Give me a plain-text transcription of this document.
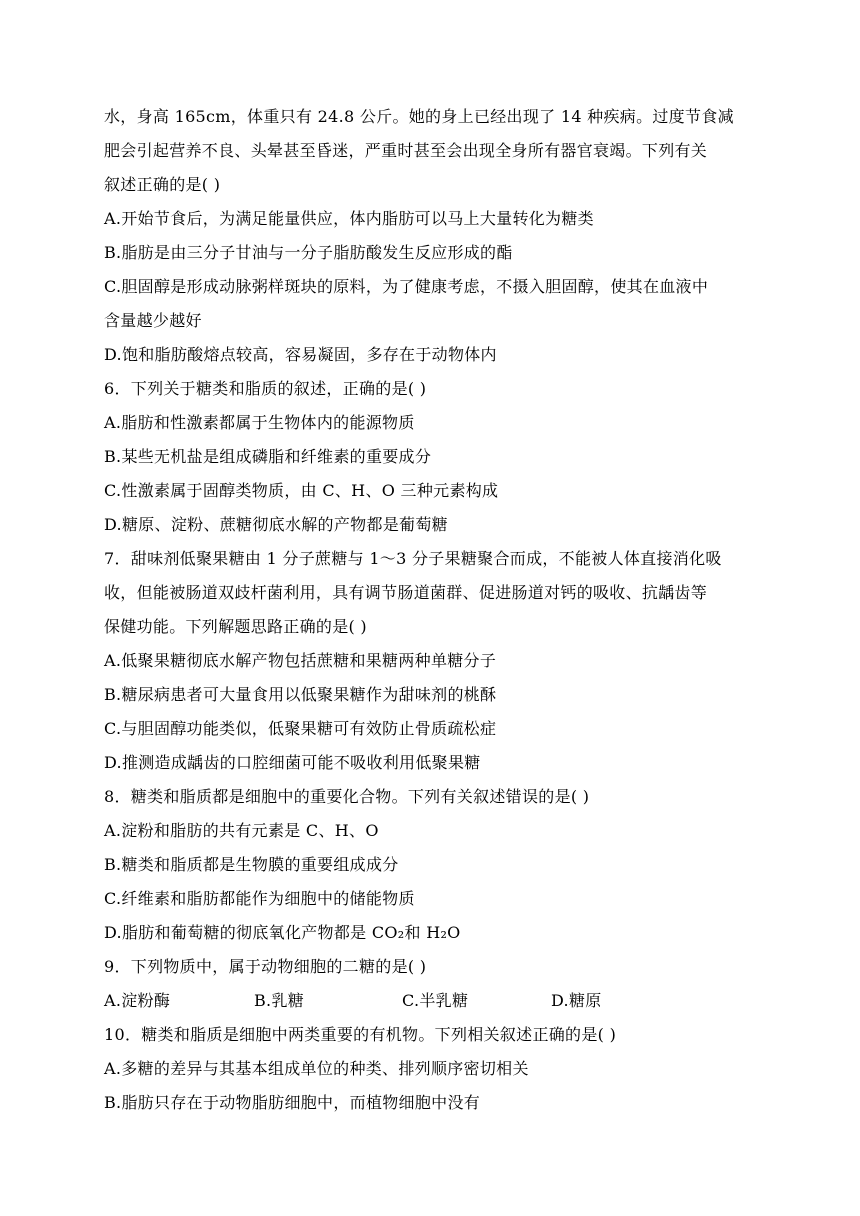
水，身高 165cm，体重只有 24.8 公斤。她的身上已经出现了 14 种疾病。过度节食减
肥会引起营养不良、头晕甚至昏迷，严重时甚至会出现全身所有器官衰竭。下列有关
叙述正确的是( )
A.开始节食后，为满足能量供应，体内脂肪可以马上大量转化为糖类
B.脂肪是由三分子甘油与一分子脂肪酸发生反应形成的酯
C.胆固醇是形成动脉粥样斑块的原料，为了健康考虑，不摄入胆固醇，使其在血液中
含量越少越好
D.饱和脂肪酸熔点较高，容易凝固，多存在于动物体内
6．下列关于糖类和脂质的叙述，正确的是( )
A.脂肪和性激素都属于生物体内的能源物质
B.某些无机盐是组成磷脂和纤维素的重要成分
C.性激素属于固醇类物质，由 C、H、O 三种元素构成
D.糖原、淀粉、蔗糖彻底水解的产物都是葡萄糖
7．甜味剂低聚果糖由 1 分子蔗糖与 1～3 分子果糖聚合而成，不能被人体直接消化吸
收，但能被肠道双歧杆菌利用，具有调节肠道菌群、促进肠道对钙的吸收、抗龋齿等
保健功能。下列解题思路正确的是( )
A.低聚果糖彻底水解产物包括蔗糖和果糖两种单糖分子
B.糖尿病患者可大量食用以低聚果糖作为甜味剂的桃酥
C.与胆固醇功能类似，低聚果糖可有效防止骨质疏松症
D.推测造成龋齿的口腔细菌可能不吸收利用低聚果糖
8．糖类和脂质都是细胞中的重要化合物。下列有关叙述错误的是( )
A.淀粉和脂肪的共有元素是 C、H、O
B.糖类和脂质都是生物膜的重要组成成分
C.纤维素和脂肪都能作为细胞中的储能物质
D.脂肪和葡萄糖的彻底氧化产物都是 CO₂和 H₂O
9．下列物质中，属于动物细胞的二糖的是( )
A.淀粉酶	B.乳糖	C.半乳糖	D.糖原
10．糖类和脂质是细胞中两类重要的有机物。下列相关叙述正确的是( )
A.多糖的差异与其基本组成单位的种类、排列顺序密切相关
B.脂肪只存在于动物脂肪细胞中，而植物细胞中没有
